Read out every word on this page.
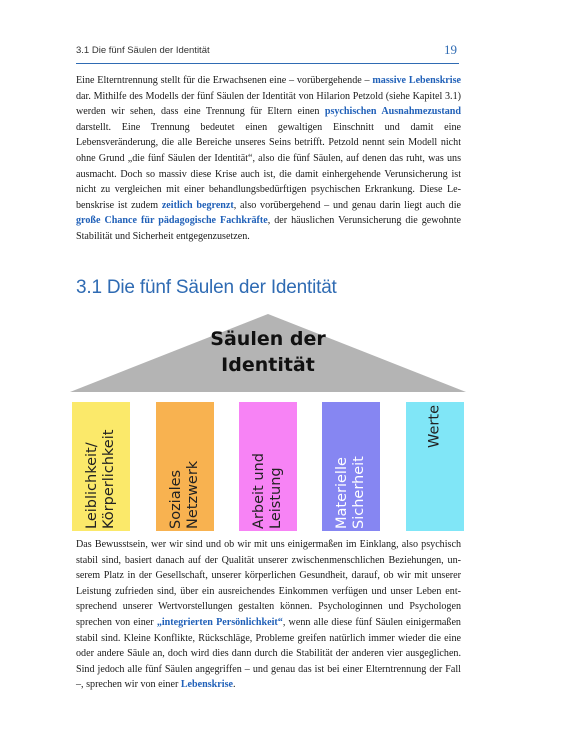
3.1 Die fünf Säulen der Identität	19

Eine Elterntrennung stellt für die Erwachsenen eine – vorübergehende – massive Lebenskrise dar. Mithilfe des Modells der fünf Säulen der Identität von Hilarion Petzold (siehe Kapitel 3.1) werden wir sehen, dass eine Trennung für Eltern einen psychischen Ausnahmezustand darstellt. Eine Trennung bedeutet einen gewaltigen Einschnitt und damit eine Lebensveränderung, die alle Bereiche unseres Seins betrifft. Petzold nennt sein Modell nicht ohne Grund „die fünf Säulen der Identität“, also die fünf Säulen, auf denen das ruht, was uns ausmacht. Doch so massiv diese Krise auch ist, die damit einhergehende Verunsicherung ist nicht zu vergleichen mit einer behandlungsbedürftigen psychischen Erkrankung. Diese Lebenskrise ist zudem zeitlich begrenzt, also vorübergehend – und genau darin liegt auch die große Chance für pädagogische Fachkräfte, der häuslichen Verunsicherung die gewohnte Stabilität und Sicherheit entgegenzusetzen.

3.1 Die fünf Säulen der Identität
Säulen der Identität
Leiblichkeit/
Körperlichkeit	Soziales
Netzwerk	Arbeit und
Leistung	Materielle
Sicherheit
Werte

Das Bewusstsein, wer wir sind und ob wir mit uns einigermaßen im Einklang, also psychisch stabil sind, basiert danach auf der Qualität unserer zwischenmenschlichen Beziehungen, unserem Platz in der Gesellschaft, unserer körperlichen Gesundheit, darauf, ob wir mit unserer Leistung zufrieden sind, über ein ausreichendes Einkommen verfügen und unser Leben entsprechend unserer Wertvorstellungen gestalten können. Psychologinnen und Psychologen sprechen von einer „integrierten Persönlichkeit“, wenn alle diese fünf Säulen einigermaßen stabil sind. Kleine Konflikte, Rückschläge, Probleme greifen natürlich immer wieder die eine oder andere Säule an, doch wird dies dann durch die Stabilität der anderen vier ausgeglichen. Sind jedoch alle fünf Säulen angegriffen – und genau das ist bei einer Elterntrennung der Fall –, sprechen wir von einer Lebenskrise.
